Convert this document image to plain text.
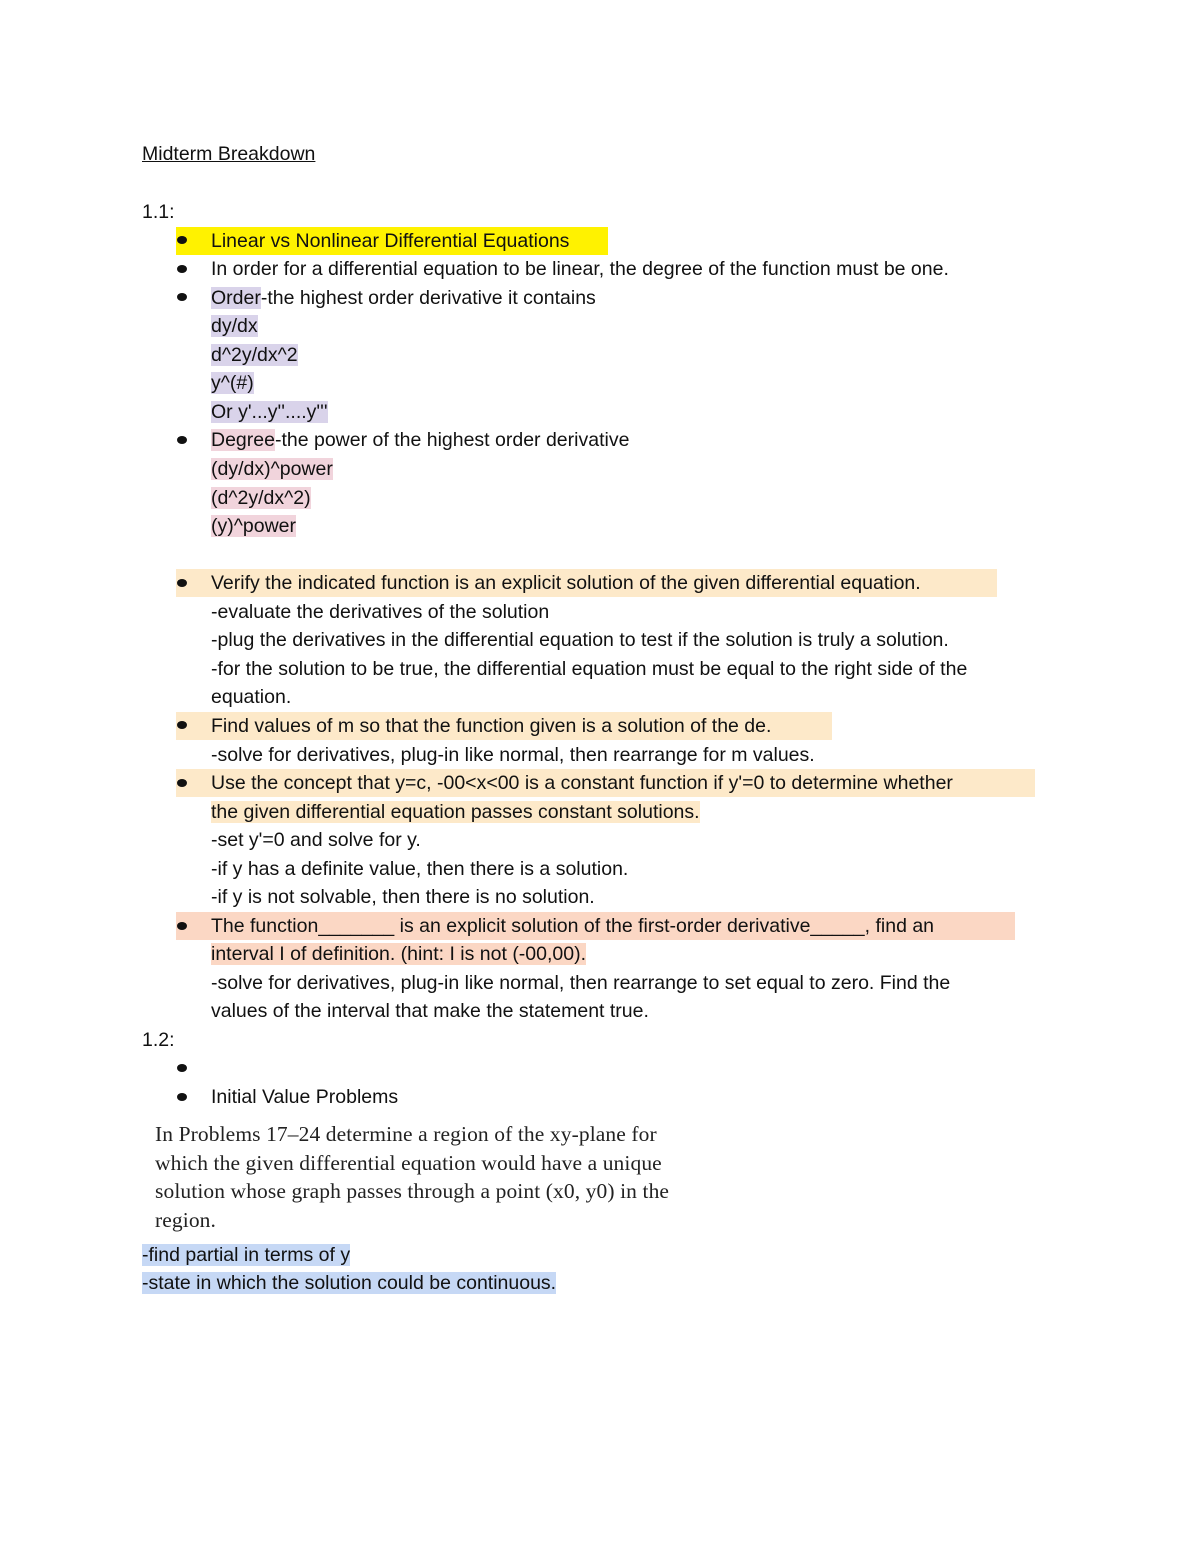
Midterm Breakdown
1.1:
Linear vs Nonlinear Differential Equations
In order for a differential equation to be linear, the degree of the function must be one.
Order-the highest order derivative it contains
dy/dx
d^2y/dx^2
y^(#)
Or y'...y''....y'''
Degree-the power of the highest order derivative
(dy/dx)^power
(d^2y/dx^2)
(y)^power
Verify the indicated function is an explicit solution of the given differential equation.
-evaluate the derivatives of the solution
-plug the derivatives in the differential equation to test if the solution is truly a solution.
-for the solution to be true, the differential equation must be equal to the right side of the
equation.
Find values of m so that the function given is a solution of the de.
-solve for derivatives, plug-in like normal, then rearrange for m values.
Use the concept that y=c, -00<x<00 is a constant function if y'=0 to determine whether
the given differential equation passes constant solutions.
-set y'=0 and solve for y.
-if y has a definite value, then there is a solution.
-if y is not solvable, then there is no solution.
The function_______ is an explicit solution of the first-order derivative_____, find an
interval I of definition. (hint: I is not (-00,00).
-solve for derivatives, plug-in like normal, then rearrange to set equal to zero. Find the
values of the interval that make the statement true.
1.2:
Initial Value Problems
In Problems 17–24 determine a region of the xy-plane for
which the given differential equation would have a unique
solution whose graph passes through a point (x0, y0) in the
region.
-find partial in terms of y
-state in which the solution could be continuous.
